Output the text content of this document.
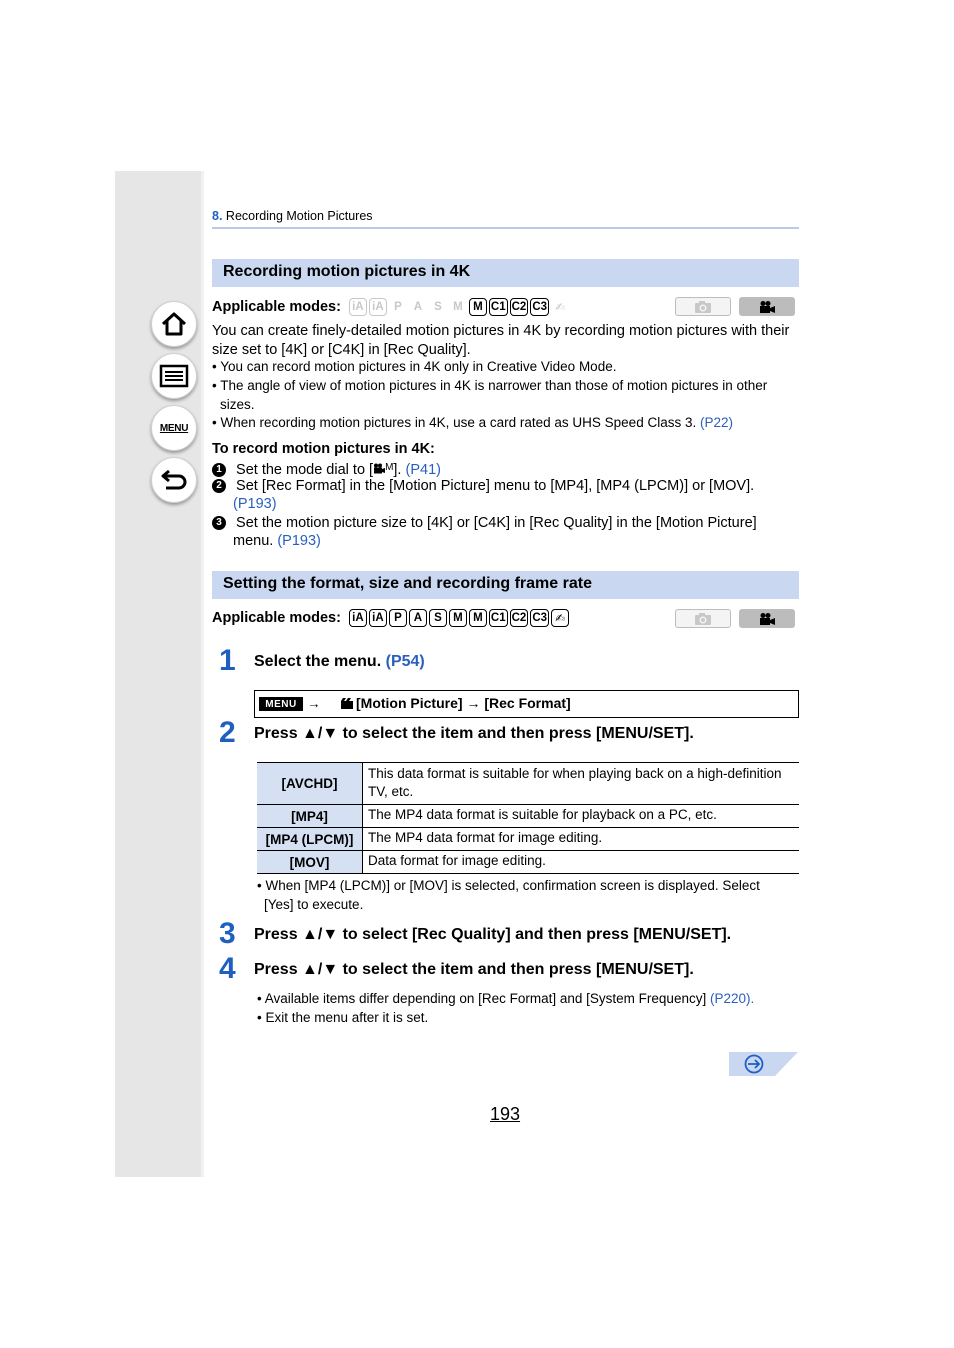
MENU
8. Recording Motion Pictures
Recording motion pictures in 4K
Applicable modes: iA iA P	A	S M M C1 C2 C3 ✍
You can create finely-detailed motion pictures in 4K by recording motion pictures with their size set to [4K] or [C4K] in [Rec Quality].
• You can record motion pictures in 4K only in Creative Video Mode.
• The angle of view of motion pictures in 4K is narrower than those of motion pictures in other
sizes.
• When recording motion pictures in 4K, use a card rated as UHS Speed Class 3. (P22)
To record motion pictures in 4K:
1 Set the mode dial to [ M ]. (P41)
2 Set [Rec Format] in the [Motion Picture] menu to [MP4], [MP4 (LPCM)] or [MOV].
(P193)
3 Set the motion picture size to [4K] or [C4K] in [Rec Quality] in the [Motion Picture]
menu. (P193)
Setting the format, size and recording frame rate
Applicable modes: iA iA P	A	S M M C1 C2 C3 ✍
1 Select the menu. (P54)
MENU →	[Motion Picture] → [Rec Format]
2 Press ▲/▼ to select the item and then press [MENU/SET].
[AVCHD]	This data format is suitable for when playing back on a high-definition
TV, etc.
[MP4]	The MP4 data format is suitable for playback on a PC, etc.
[MP4 (LPCM)]	The MP4 data format for image editing.
[MOV]	Data format for image editing.
• When [MP4 (LPCM)] or [MOV] is selected, confirmation screen is displayed. Select
[Yes] to execute.
3 Press ▲/▼ to select [Rec Quality] and then press [MENU/SET].
4 Press ▲/▼ to select the item and then press [MENU/SET].
• Available items differ depending on [Rec Format] and [System Frequency] (P220).
• Exit the menu after it is set.
193
